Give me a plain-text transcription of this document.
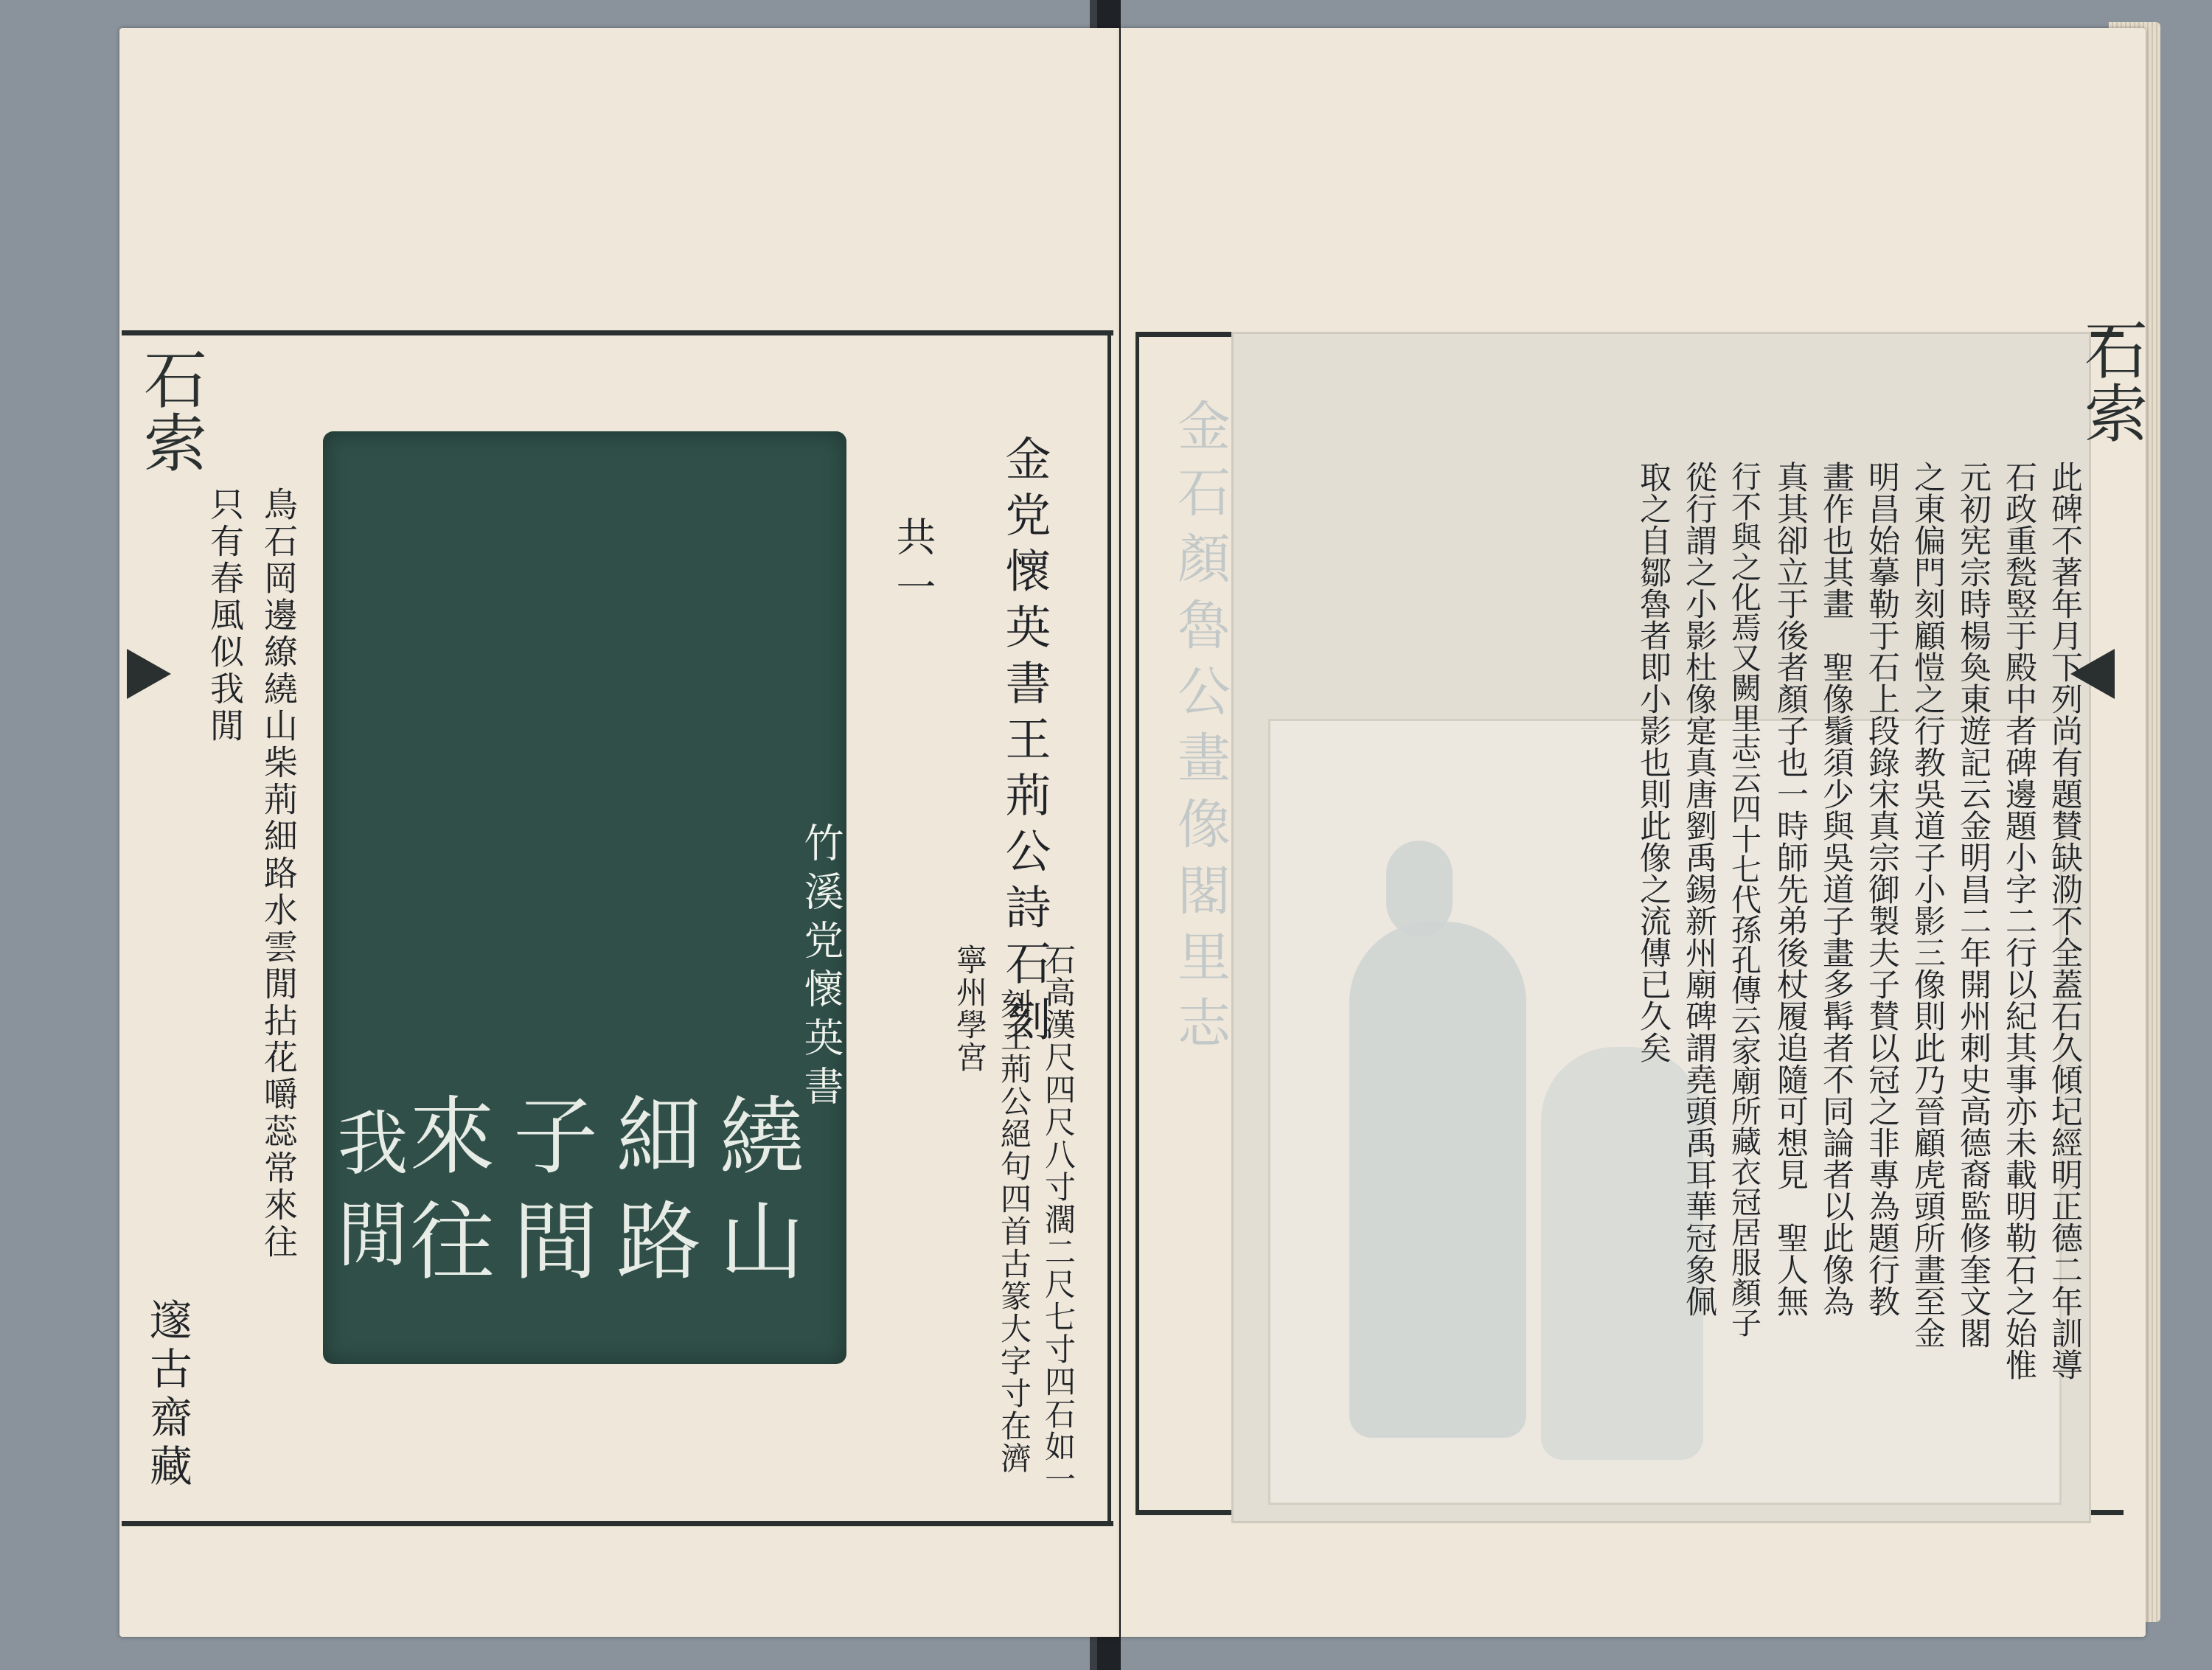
石索
鳥石岡邊繚繞山柴荊細路水雲閒拈花嚼蕊常來往
只有春風似我閒
繞山
細路
子間
來往
我閒
竹溪党懷英書	金党懷英書王荊公詩石刻
共一
石高漢尺四尺八寸濶二尺七寸四石如一
刻王荊公絕句四首古篆大字寸在濟
寧州學宮
邃古齋藏
金石顏魯公畫像閣里志
石索
此碑不著年月下列尚有題賛缺泐不全蓋石久傾圮經明正德二年訓導
石政重甃竪于殿中者碑邊題小字二行以紀其事亦未載明勒石之始惟
元初宪宗時楊奐東遊記云金明昌二年開州刺史高德裔監修奎文閣
之東偏門刻顧愷之行教吳道子小影三像則此乃晉顧虎頭所畫至金
明昌始摹勒于石上段錄宋真宗御製夫子賛以冠之非專為題行教
畫作也其畫　聖像鬚須少與吳道子畫多髯者不同論者以此像為
真其卻立于後者顏子也一時師先弟後杖履追隨可想見　聖人無
行不與之化焉又闕里志云四十七代孫孔傳云家廟所藏衣冠居服顏子
從行謂之小影杜像寔真唐劉禹錫新州廟碑謂堯頭禹耳華冠象佩
取之自鄒魯者即小影也則此像之流傳已久矣
